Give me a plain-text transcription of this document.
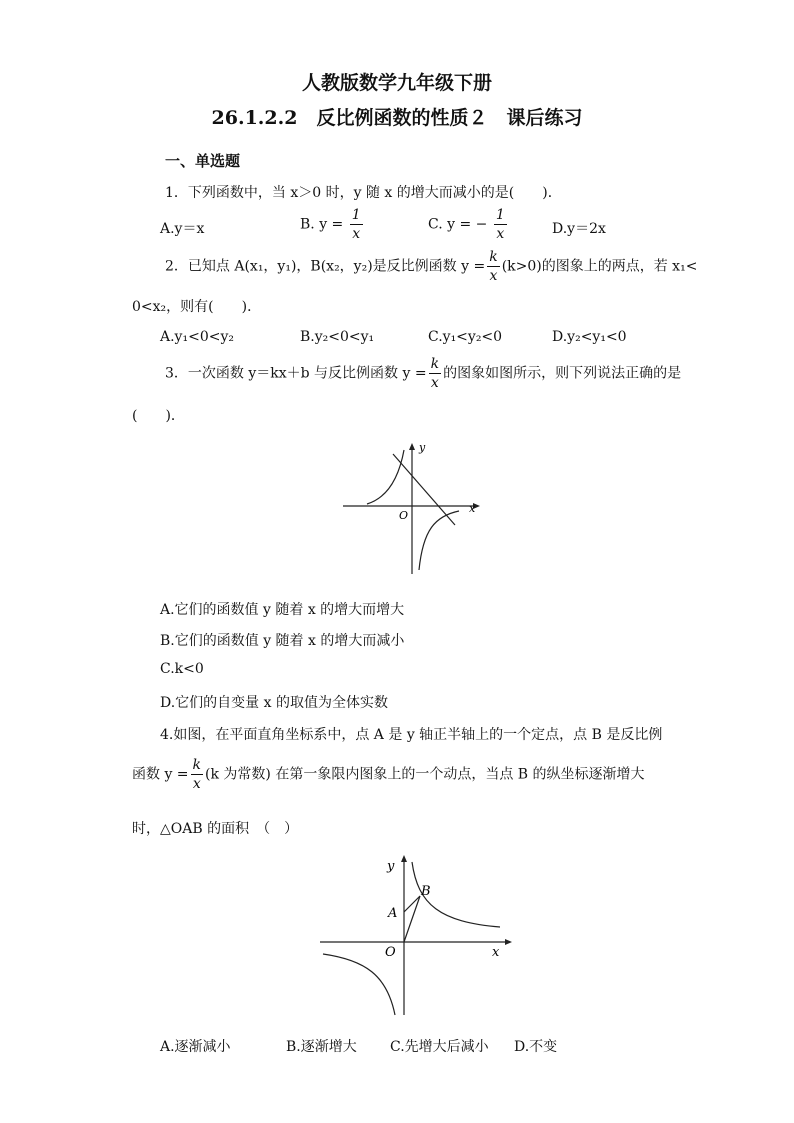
人教版数学九年级下册
26.1.2.2　反比例函数的性质２　课后练习
一、单选题
1．下列函数中，当 x＞0 时，y 随 x 的增大而减小的是(　　)．
A.y＝x	B. $y = \frac{1}{x}$	C. y = − $\frac{1}{x}$	D.y＝2x
2．已知点 A(x₁，y₁)，B(x₂，y₂)是反比例函数 $y = \frac{k}{x} (k>0)$的图象上的两点，若 x₁<
0<x₂，则有(　　)．
A.y₁<0<y₂	B.y₂<0<y₁	C.y₁<y₂<0	D.y₂<y₁<0
3．一次函数 y＝kx＋b 与反比例函数 $y = \frac{k}{x}$ 的图象如图所示，则下列说法正确的是
(　　)．
y
x
O
A.它们的函数值 y 随着 x 的增大而增大
B.它们的函数值 y 随着 x 的增大而减小
C.k<0
D.它们的自变量 x 的取值为全体实数
4.如图，在平面直角坐标系中，点 A 是 y 轴正半轴上的一个定点，点 B 是反比例
函数 $y = \frac{k}{x} (k$ 为常数) 在第一象限内图象上的一个动点，当点 B 的纵坐标逐渐增大
时，△OAB 的面积　（　）
y
x
O
A
B
A.逐渐减小	B.逐渐增大 C.先增大后减小 D.不变
